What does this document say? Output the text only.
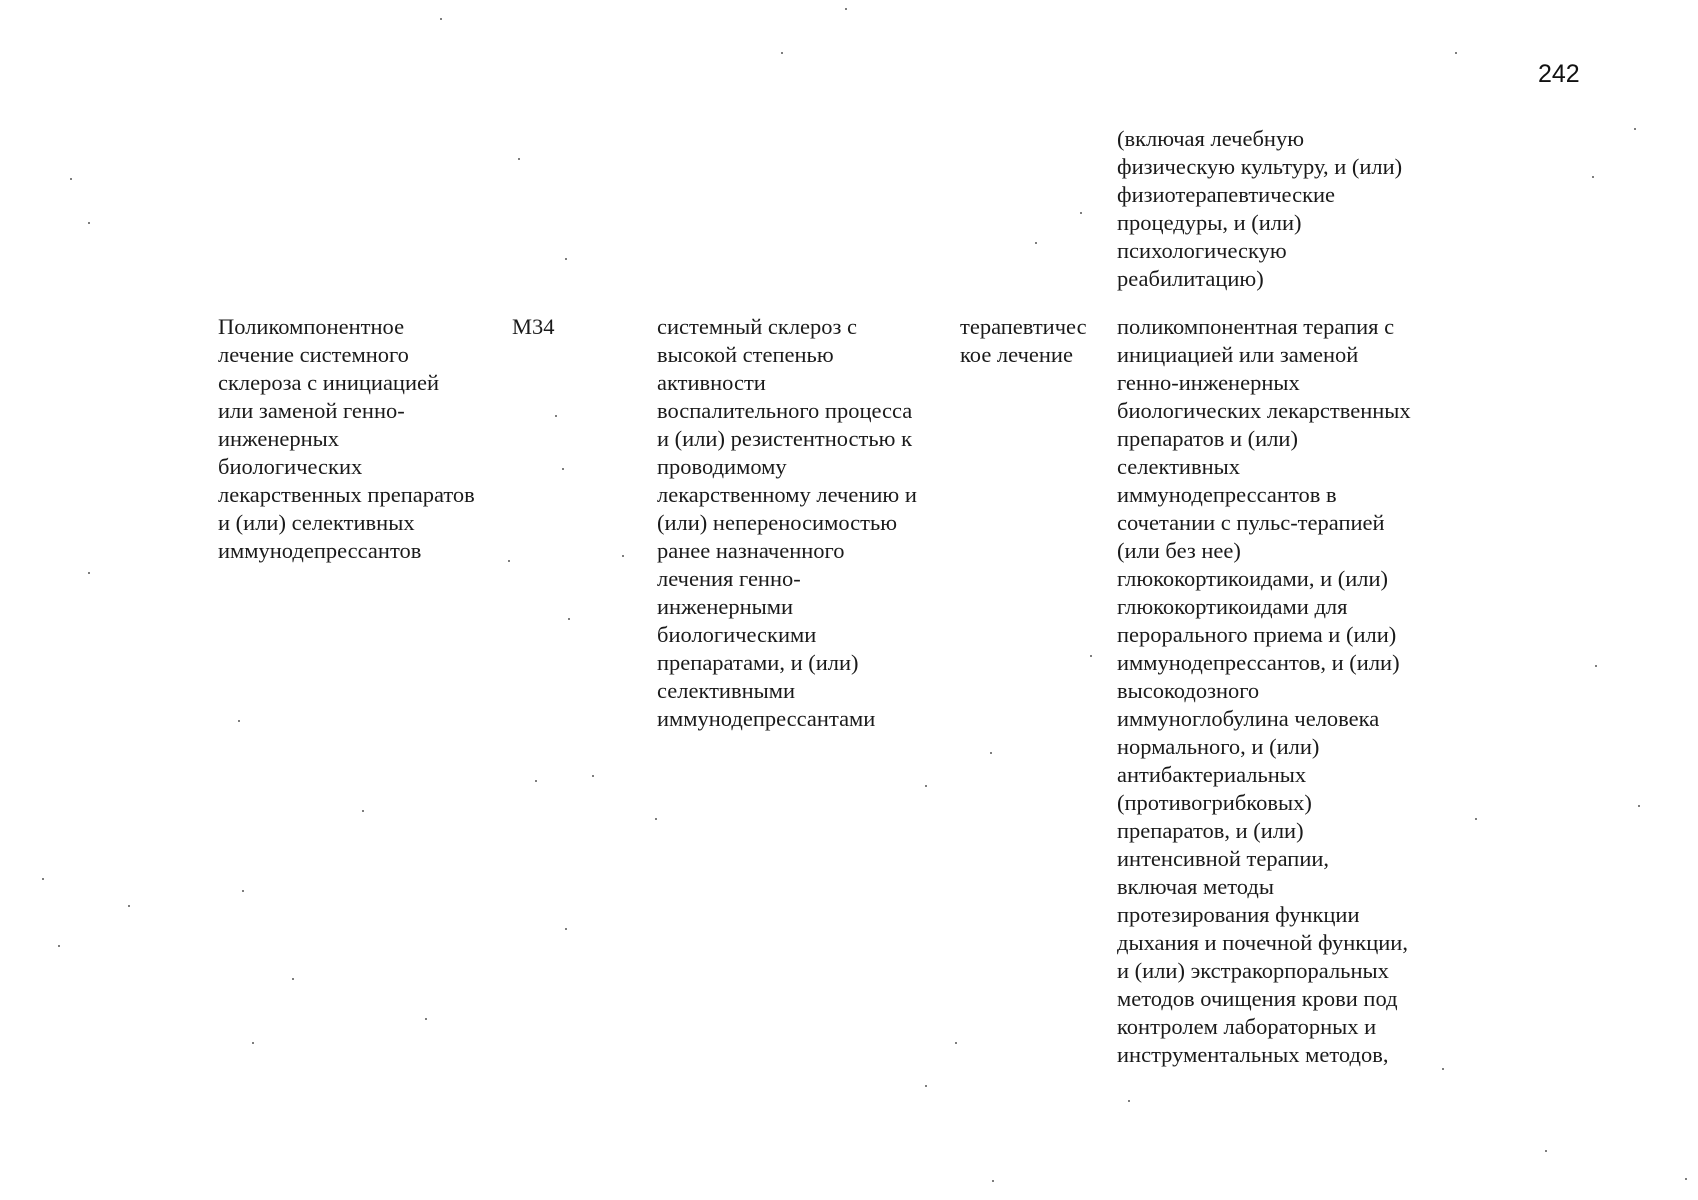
242

(включая лечебную
физическую культуру, и (или)
физиотерапевтические
процедуры, и (или)
психологическую
реабилитацию)

Поликомпонентное
лечение системного
склероза с инициацией
или заменой генно-
инженерных
биологических
лекарственных препаратов
и (или) селективных
иммунодепрессантов

M34	системный склероз с
высокой степенью
активности
воспалительного процесса
и (или) резистентностью к
проводимому
лекарственному лечению и
(или) непереносимостью
ранее назначенного
лечения генно-
инженерными
биологическими
препаратами, и (или)
селективными
иммунодепрессантами

терапевтичес
кое лечение

поликомпонентная терапия с
инициацией или заменой
генно-инженерных
биологических лекарственных
препаратов и (или)
селективных
иммунодепрессантов в
сочетании с пульс-терапией
(или без нее)
глюкокортикоидами, и (или)
глюкокортикоидами для
перорального приема и (или)
иммунодепрессантов, и (или)
высокодозного
иммуноглобулина человека
нормального, и (или)
антибактериальных
(противогрибковых)
препаратов, и (или)
интенсивной терапии,
включая методы
протезирования функции
дыхания и почечной функции,
и (или) экстракорпоральных
методов очищения крови под
контролем лабораторных и
инструментальных методов,
